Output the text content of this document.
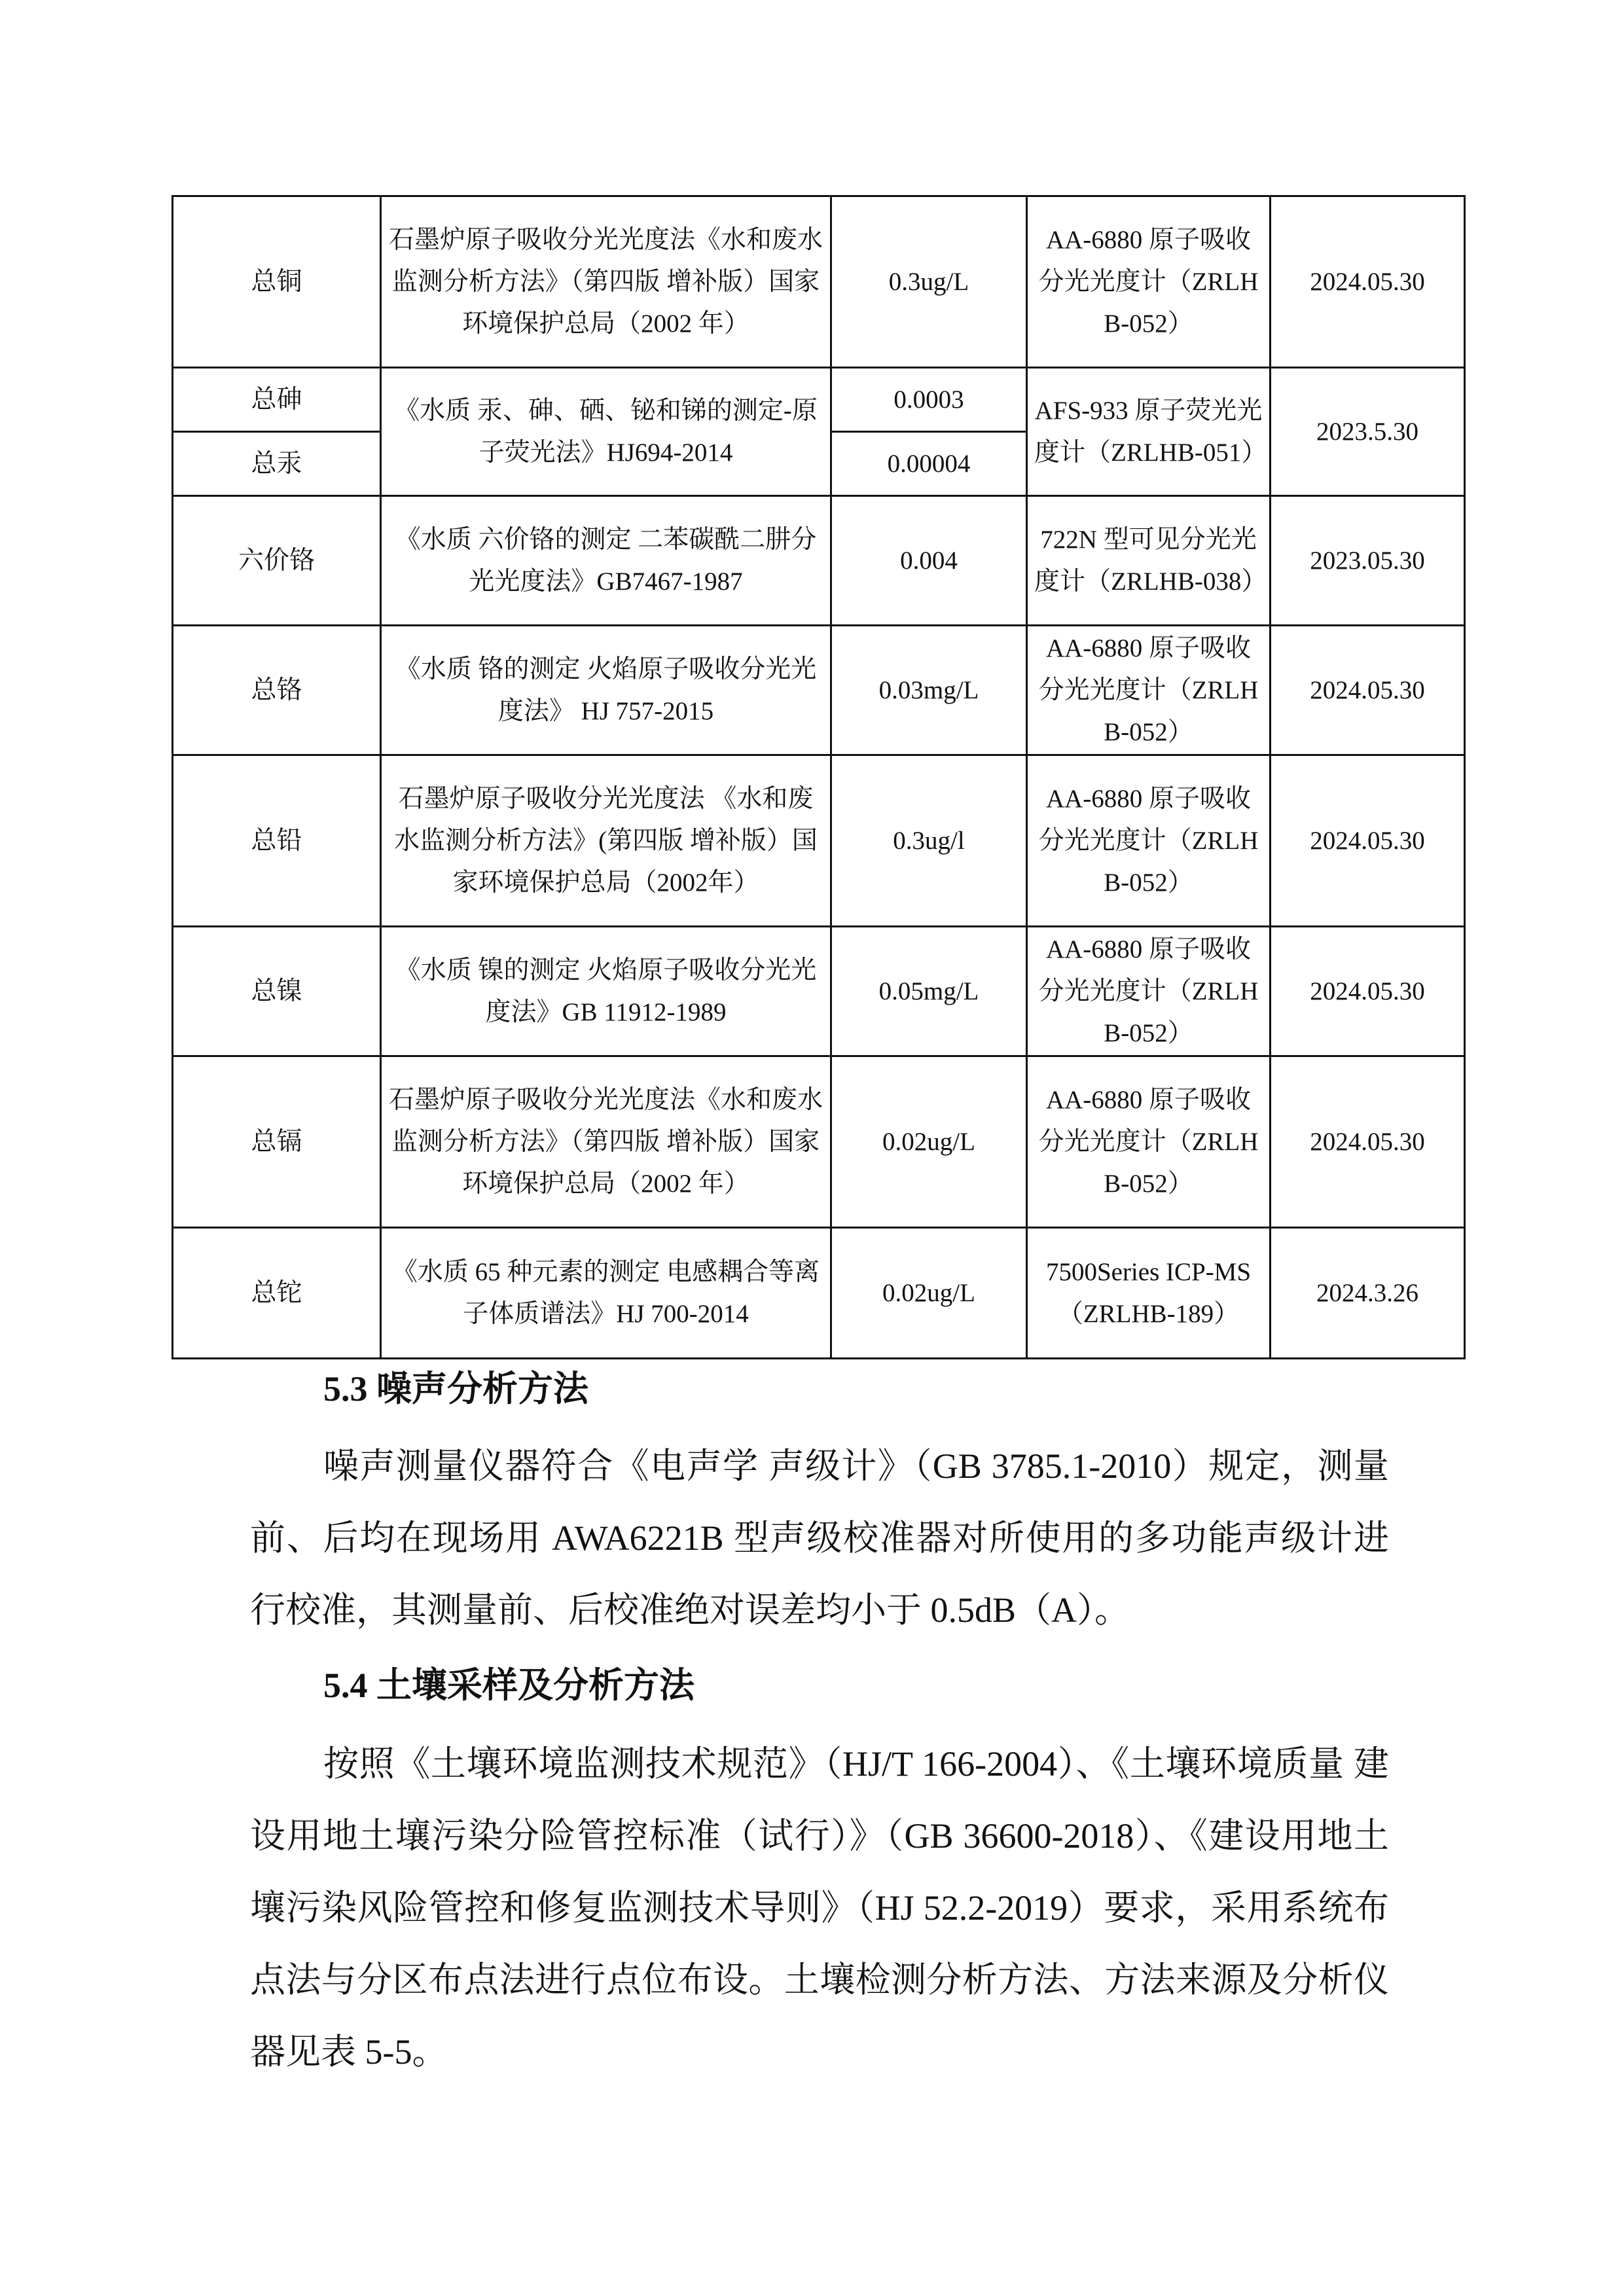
总铜	石墨炉原子吸收分光光度法《水和废水监测分析方法》（第四版 增补版）国家环境保护总局（2002 年）	0.3ug/L	AA-6880 原子吸收分光光度计（ZRLHB-052）	2024.05.30
总砷	《水质 汞、砷、硒、铋和锑的测定-原子荧光法》HJ694-2014	0.0003	AFS-933 原子荧光光度计（ZRLHB-051）	2023.5.30
总汞		0.00004		
六价铬	《水质 六价铬的测定 二苯碳酰二肼分光光度法》GB7467-1987	0.004	722N 型可见分光光度计（ZRLHB-038）	2023.05.30
总铬	《水质 铬的测定 火焰原子吸收分光光度法》 HJ 757-2015	0.03mg/L	AA-6880 原子吸收分光光度计（ZRLHB-052）	2024.05.30
总铅	石墨炉原子吸收分光光度法 《水和废水监测分析方法》(第四版 增补版）国家环境保护总局（2002年）	0.3ug/l	AA-6880 原子吸收分光光度计（ZRLHB-052）	2024.05.30
总镍	《水质 镍的测定 火焰原子吸收分光光度法》GB 11912-1989	0.05mg/L	AA-6880 原子吸收分光光度计（ZRLHB-052）	2024.05.30
总镉	石墨炉原子吸收分光光度法《水和废水监测分析方法》（第四版 增补版）国家环境保护总局（2002 年）	0.02ug/L	AA-6880 原子吸收分光光度计（ZRLHB-052）	2024.05.30
总铊	《水质 65 种元素的测定 电感耦合等离子体质谱法》HJ 700-2014	0.02ug/L	7500Series ICP-MS （ZRLHB-189）	2024.3.26
5.3 噪声分析方法

噪声测量仪器符合《电声学 声级计》（GB 3785.1-2010）规定，测量前、后均在现场用 AWA6221B 型声级校准器对所使用的多功能声级计进行校准，其测量前、后校准绝对误差均小于 0.5dB（A）。

5.4 土壤采样及分析方法

按照《土壤环境监测技术规范》（HJ/T 166-2004）、《土壤环境质量 建设用地土壤污染分险管控标准（试行）》（GB 36600-2018）、《建设用地土壤污染风险管控和修复监测技术导则》（HJ 52.2-2019）要求，采用系统布点法与分区布点法进行点位布设。土壤检测分析方法、方法来源及分析仪器见表 5-5。
